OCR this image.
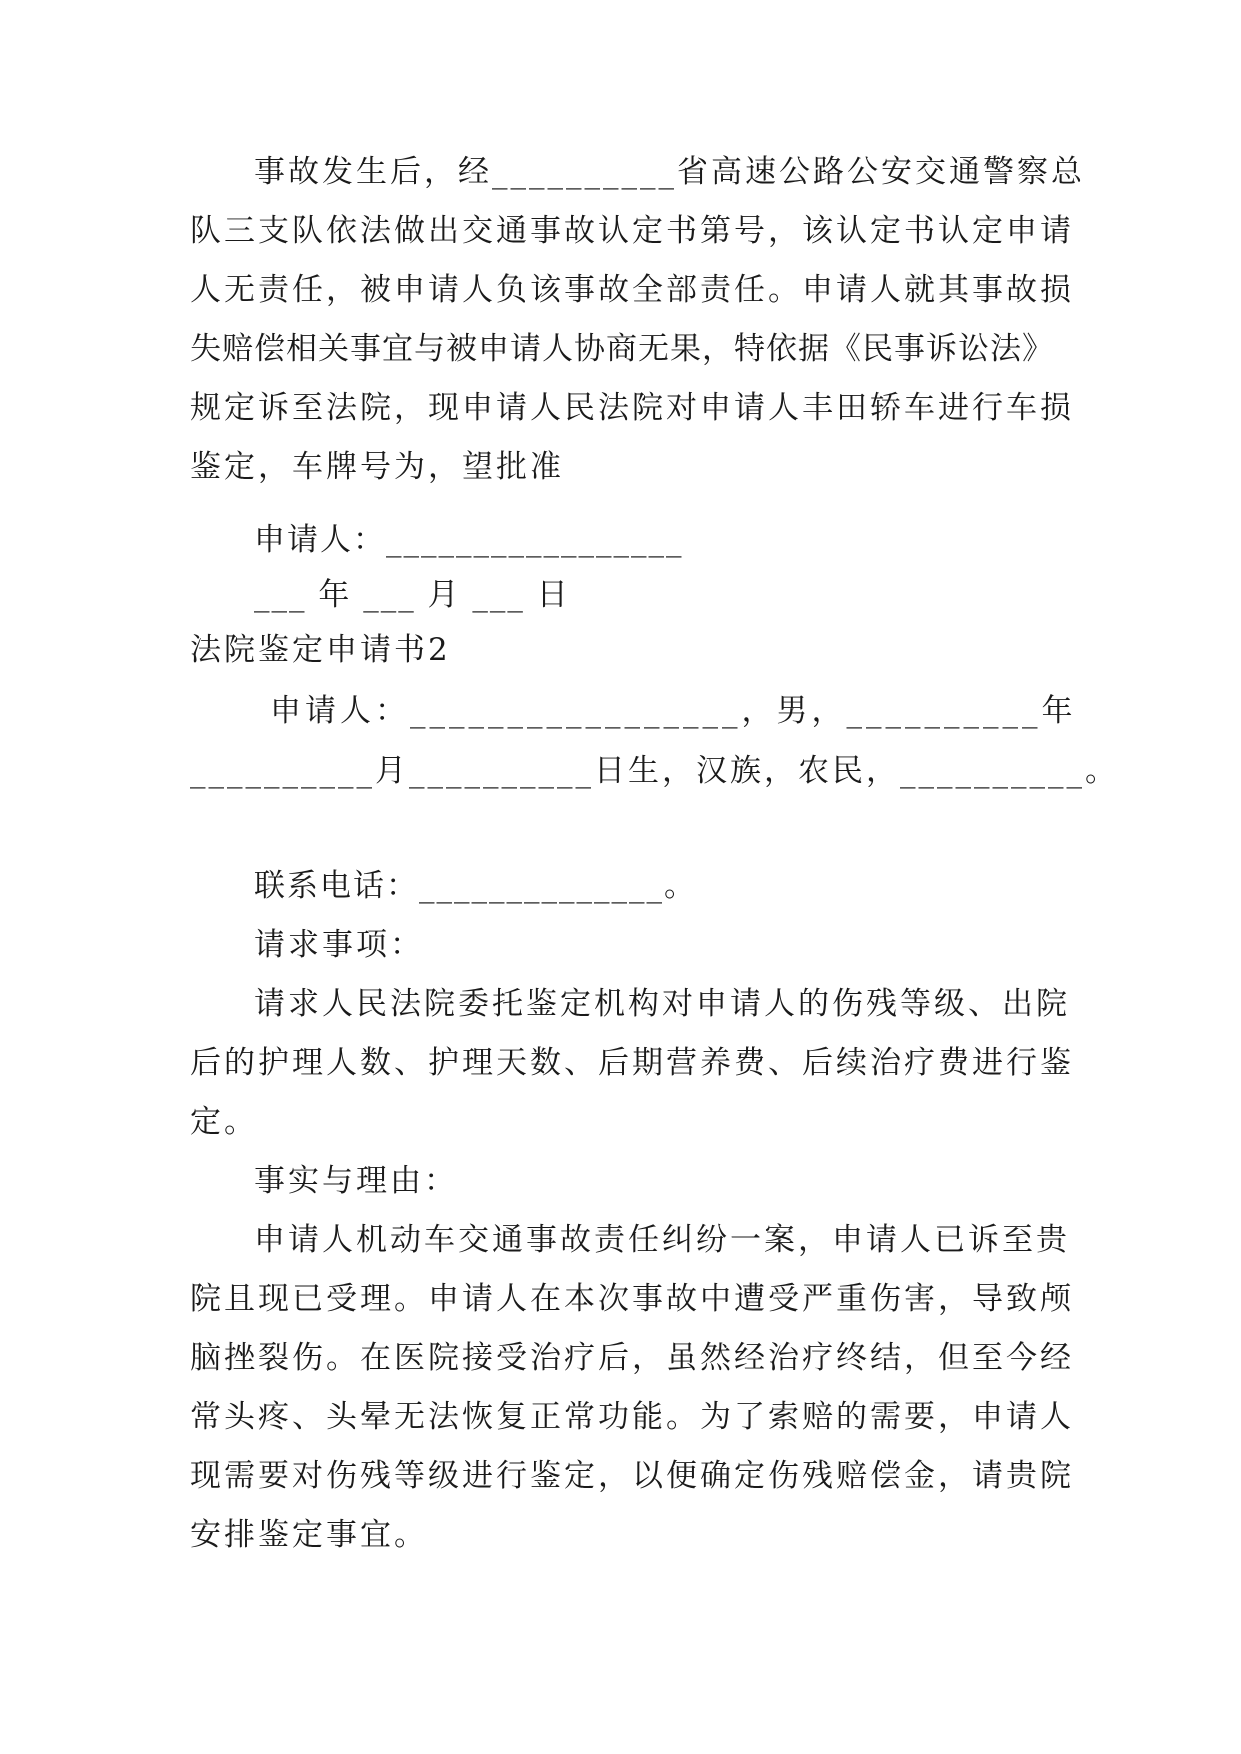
事故发生后，经__________省高速公路公安交通警察总
队三支队依法做出交通事故认定书第号，该认定书认定申请
人无责任，被申请人负该事故全部责任。申请人就其事故损
失赔偿相关事宜与被申请人协商无果，特依据《民事诉讼法》
规定诉至法院，现申请人民法院对申请人丰田轿车进行车损
鉴定，车牌号为，望批准
申请人：_________________
___ 年 ___ 月 ___ 日
法院鉴定申请书2
申请人：_________________，男，__________年
__________月__________日生，汉族，农民，__________。
联系电话：______________。
请求事项：
请求人民法院委托鉴定机构对申请人的伤残等级、出院
后的护理人数、护理天数、后期营养费、后续治疗费进行鉴
定。
事实与理由：
申请人机动车交通事故责任纠纷一案，申请人已诉至贵
院且现已受理。申请人在本次事故中遭受严重伤害，导致颅
脑挫裂伤。在医院接受治疗后，虽然经治疗终结，但至今经
常头疼、头晕无法恢复正常功能。为了索赔的需要，申请人
现需要对伤残等级进行鉴定，以便确定伤残赔偿金，请贵院
安排鉴定事宜。
